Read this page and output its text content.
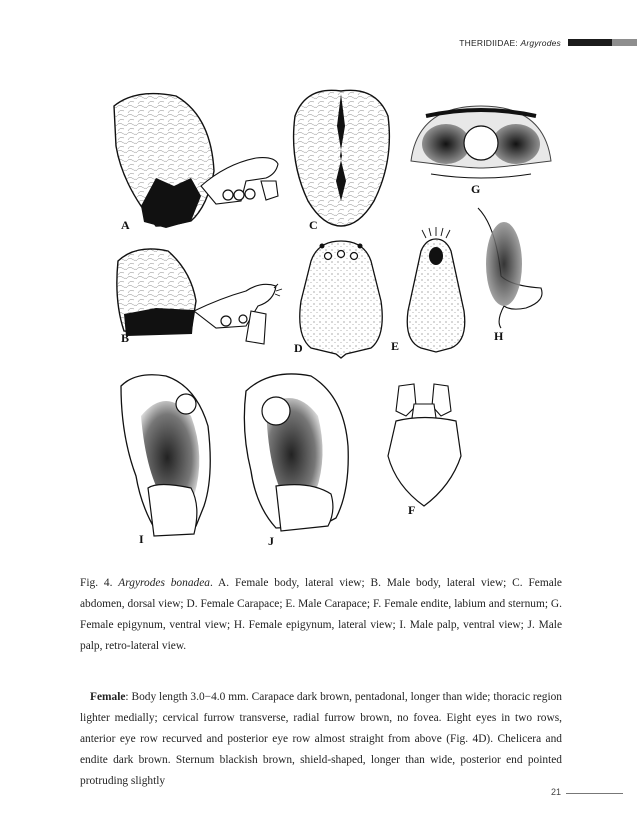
THERIDIIDAE: Argyrodes
A
B
C
D	E
F
G
H
I	J

Fig. 4. Argyrodes bonadea. A. Female body, lateral view; B. Male body, lateral view; C. Female abdomen, dorsal view; D. Female Carapace; E. Male Carapace; F. Female endite, labium and sternum; G. Female epigynum, ventral view; H. Female epigynum, lateral view; I. Male palp, ventral view; J. Male palp, retro-lateral view.

Female: Body length 3.0−4.0 mm. Carapace dark brown, pentadonal, longer than wide; thoracic region lighter medially; cervical furrow transverse, radial furrow brown, no fovea. Eight eyes in two rows, anterior eye row recurved and posterior eye row almost straight from above (Fig. 4D). Chelicera and endite dark brown. Sternum blackish brown, shield-shaped, longer than wide, posterior end pointed protruding slightly

21
